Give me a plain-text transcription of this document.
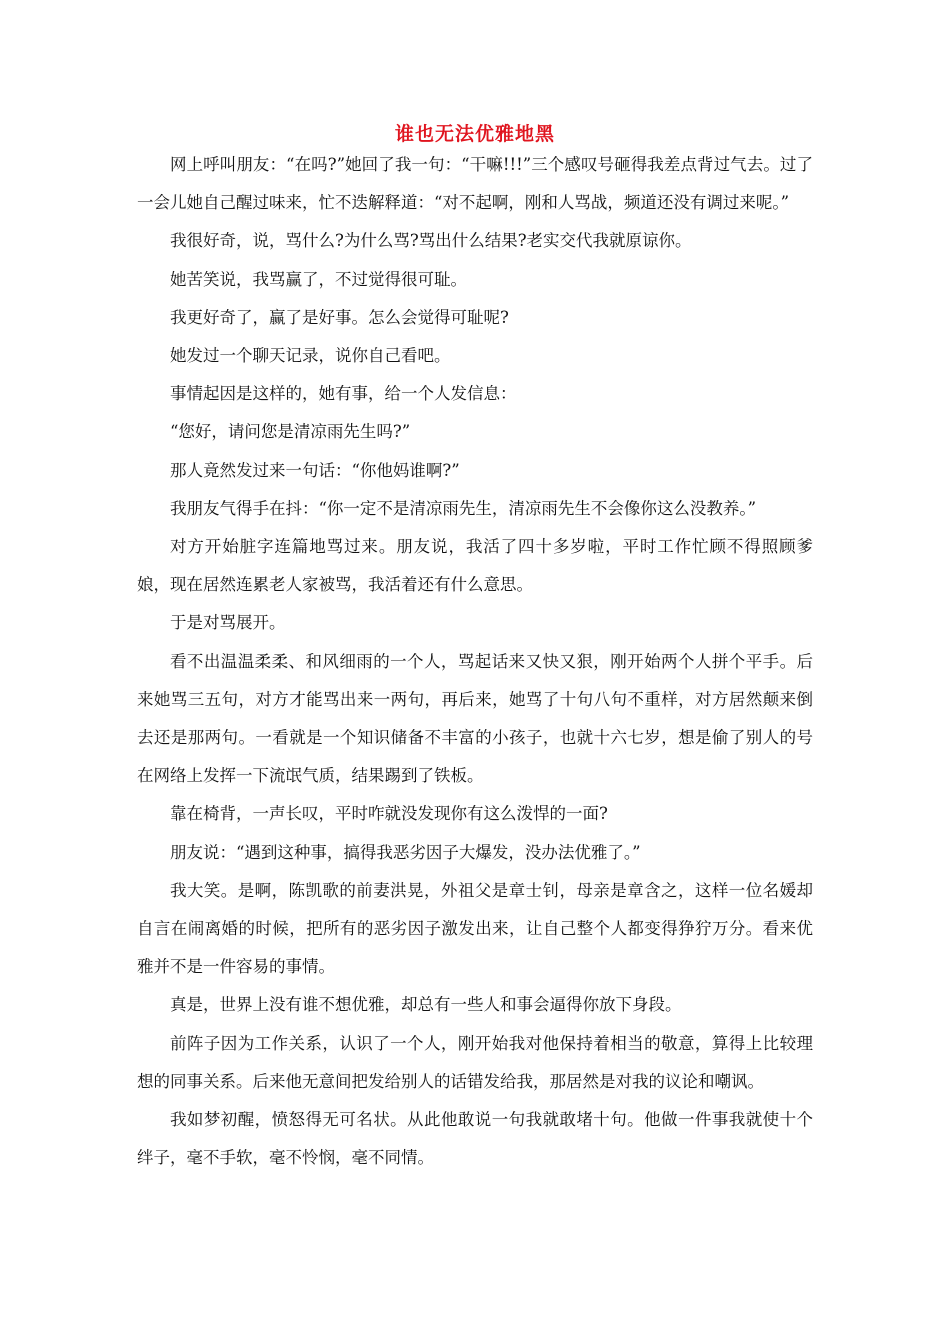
谁也无法优雅地黑

网上呼叫朋友：“在吗?”她回了我一句：“干嘛!!!”三个感叹号砸得我差点背过气去。过了一会儿她自己醒过味来，忙不迭解释道：“对不起啊，刚和人骂战，频道还没有调过来呢。”

我很好奇，说，骂什么?为什么骂?骂出什么结果?老实交代我就原谅你。

她苦笑说，我骂赢了，不过觉得很可耻。

我更好奇了，赢了是好事。怎么会觉得可耻呢?

她发过一个聊天记录，说你自己看吧。

事情起因是这样的，她有事，给一个人发信息：

“您好，请问您是清凉雨先生吗?”

那人竟然发过来一句话：“你他妈谁啊?”

我朋友气得手在抖：“你一定不是清凉雨先生，清凉雨先生不会像你这么没教养。”

对方开始脏字连篇地骂过来。朋友说，我活了四十多岁啦，平时工作忙顾不得照顾爹娘，现在居然连累老人家被骂，我活着还有什么意思。

于是对骂展开。

看不出温温柔柔、和风细雨的一个人，骂起话来又快又狠，刚开始两个人拼个平手。后来她骂三五句，对方才能骂出来一两句，再后来，她骂了十句八句不重样，对方居然颠来倒去还是那两句。一看就是一个知识储备不丰富的小孩子，也就十六七岁，想是偷了别人的号在网络上发挥一下流氓气质，结果踢到了铁板。

靠在椅背，一声长叹，平时咋就没发现你有这么泼悍的一面?

朋友说：“遇到这种事，搞得我恶劣因子大爆发，没办法优雅了。”

我大笑。是啊，陈凯歌的前妻洪晃，外祖父是章士钊，母亲是章含之，这样一位名媛却自言在闹离婚的时候，把所有的恶劣因子激发出来，让自己整个人都变得狰狞万分。看来优雅并不是一件容易的事情。

真是，世界上没有谁不想优雅，却总有一些人和事会逼得你放下身段。

前阵子因为工作关系，认识了一个人，刚开始我对他保持着相当的敬意，算得上比较理想的同事关系。后来他无意间把发给别人的话错发给我，那居然是对我的议论和嘲讽。

我如梦初醒，愤怒得无可名状。从此他敢说一句我就敢堵十句。他做一件事我就使十个绊子，毫不手软，毫不怜悯，毫不同情。
